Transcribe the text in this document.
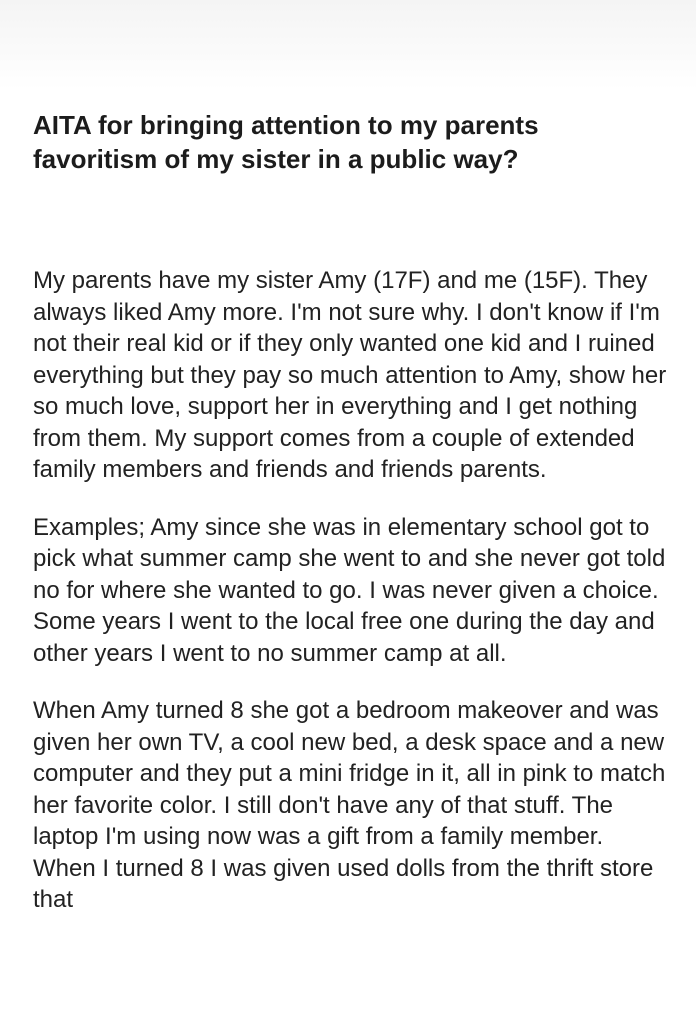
AITA for bringing attention to my parents favoritism of my sister in a public way?

My parents have my sister Amy (17F) and me (15F). They always liked Amy more. I'm not sure why. I don't know if I'm not their real kid or if they only wanted one kid and I ruined everything but they pay so much attention to Amy, show her so much love, support her in everything and I get nothing from them. My support comes from a couple of extended family members and friends and friends parents.

Examples; Amy since she was in elementary school got to pick what summer camp she went to and she never got told no for where she wanted to go. I was never given a choice. Some years I went to the local free one during the day and other years I went to no summer camp at all.

When Amy turned 8 she got a bedroom makeover and was given her own TV, a cool new bed, a desk space and a new computer and they put a mini fridge in it, all in pink to match her favorite color. I still don't have any of that stuff. The laptop I'm using now was a gift from a family member. When I turned 8 I was given used dolls from the thrift store that
